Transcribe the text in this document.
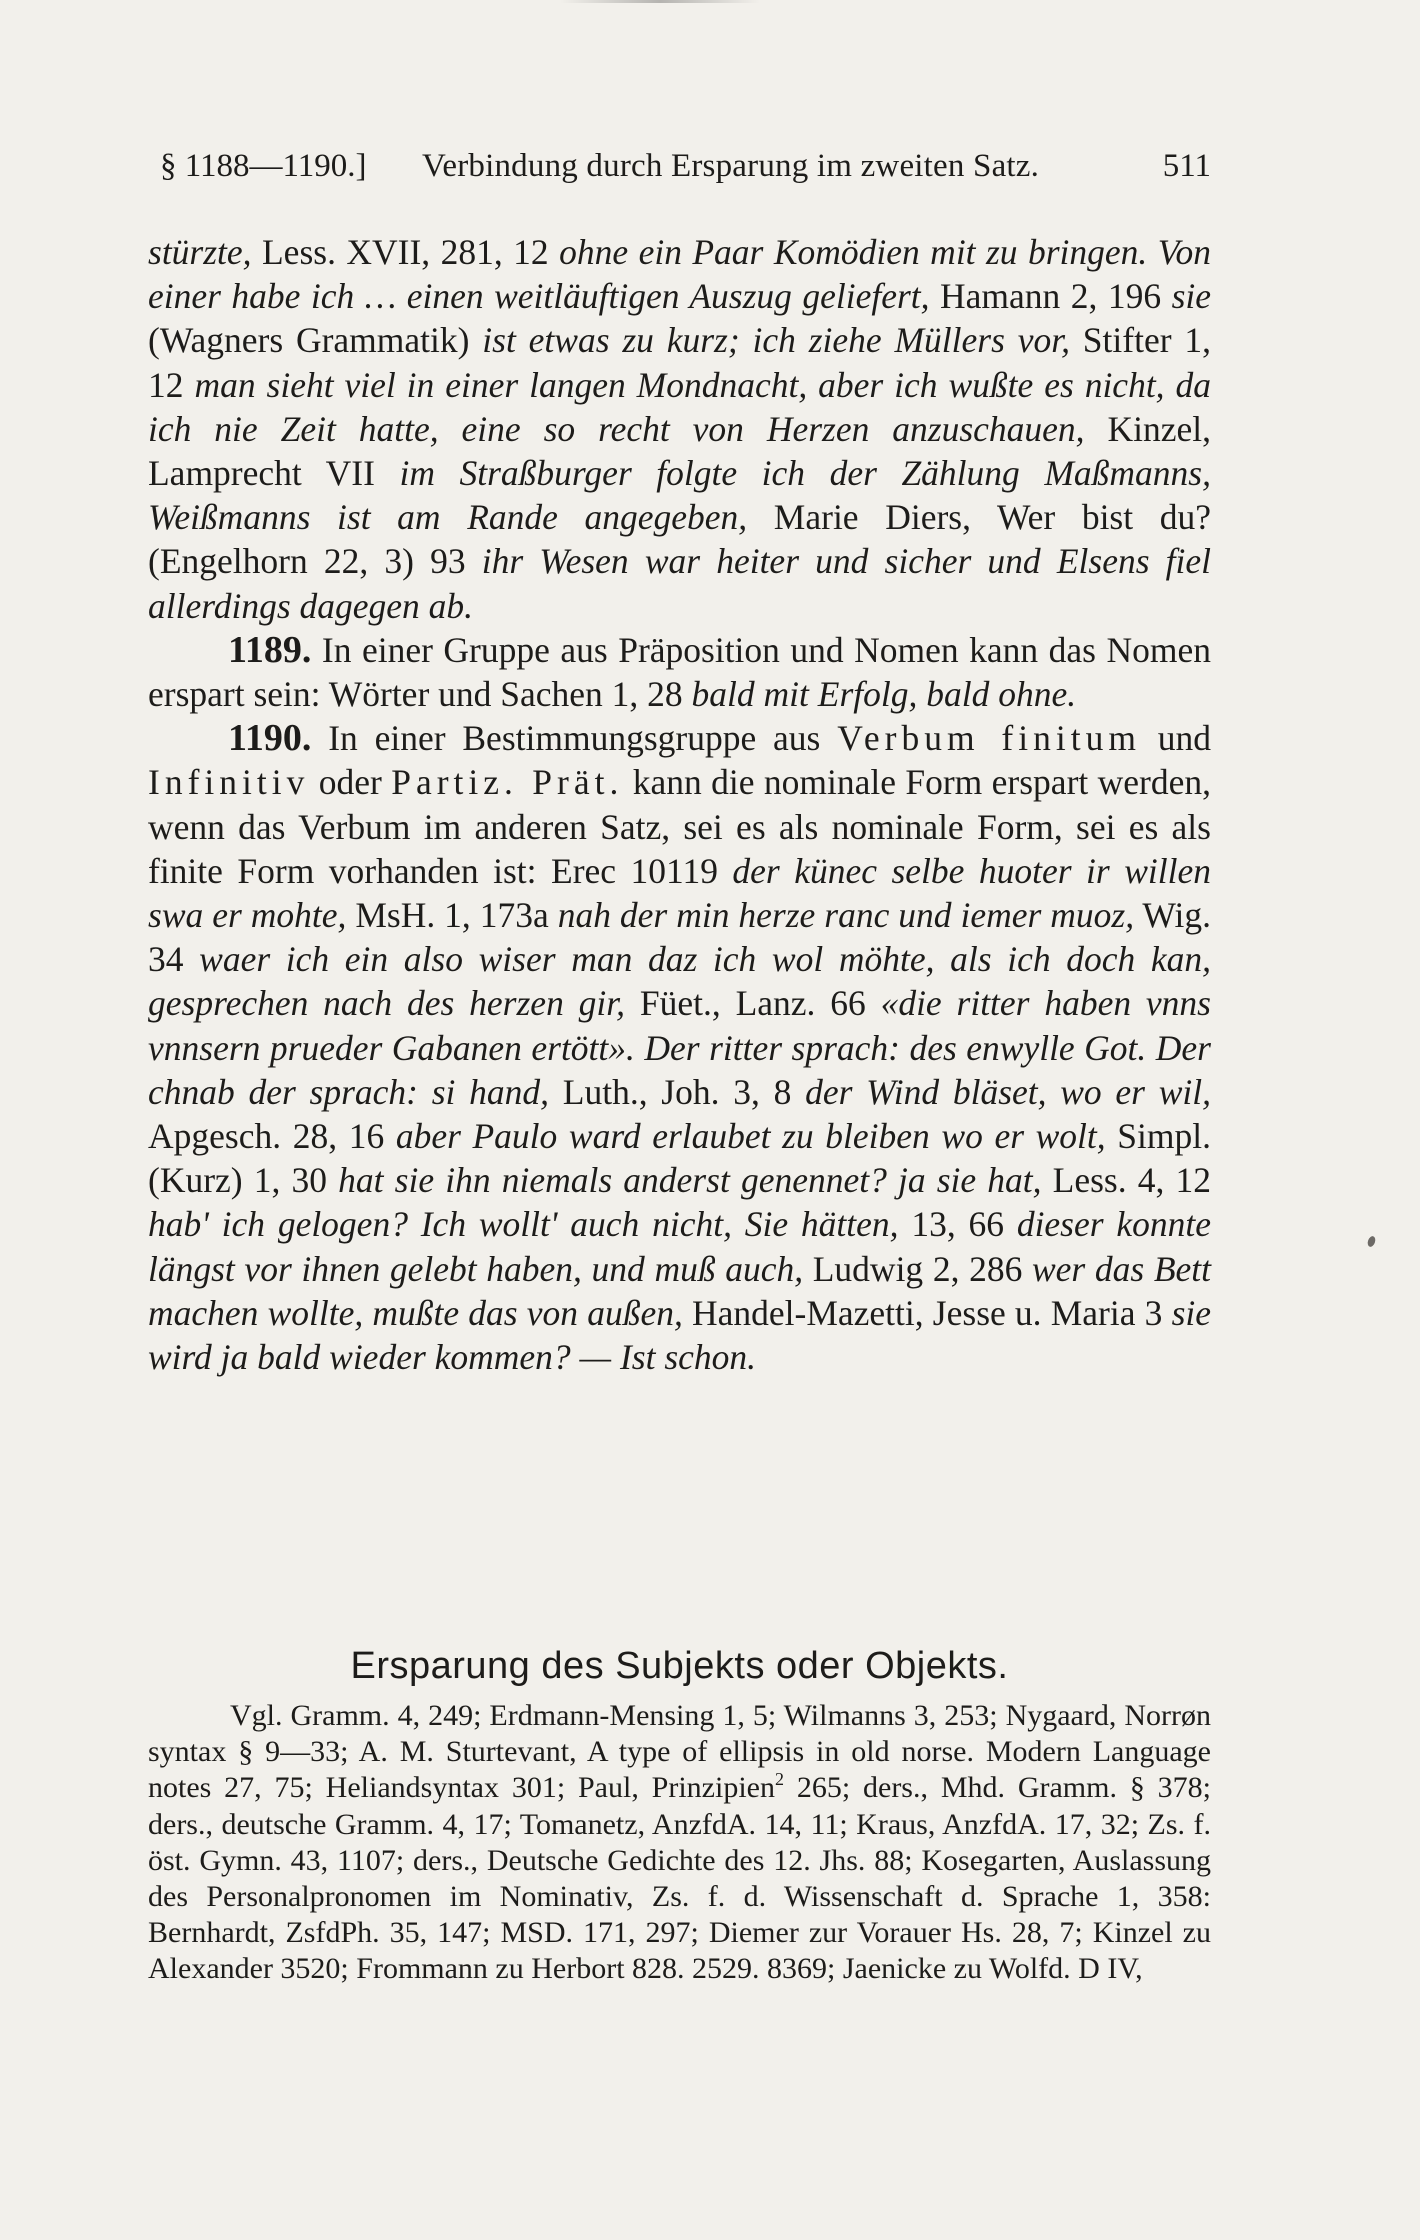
§ 1188—1190.] Verbindung durch Ersparung im zweiten Satz.	511

stürzte, Less. XVII, 281, 12 ohne ein Paar Komödien mit zu bringen. Von einer habe ich … einen weitläuftigen Auszug geliefert, Hamann 2, 196 sie (Wagners Grammatik) ist etwas zu kurz; ich ziehe Müllers vor, Stifter 1, 12 man sieht viel in einer langen Mondnacht, aber ich wußte es nicht, da ich nie Zeit hatte, eine so recht von Herzen anzuschauen, Kinzel, Lamprecht VII im Straßburger folgte ich der Zählung Maßmanns, Weißmanns ist am Rande angegeben, Marie Diers, Wer bist du? (Engelhorn 22, 3) 93 ihr Wesen war heiter und sicher und Elsens fiel allerdings dagegen ab.

1189. In einer Gruppe aus Präposition und Nomen kann das Nomen erspart sein: Wörter und Sachen 1, 28 bald mit Erfolg, bald ohne.

1190. In einer Bestimmungsgruppe aus Verbum finitum und Infinitiv oder Partiz. Prät. kann die nominale Form erspart werden, wenn das Verbum im anderen Satz, sei es als nominale Form, sei es als finite Form vorhanden ist: Erec 10119 der künec selbe huoter ir willen swa er mohte, MsH. 1, 173a nah der min herze ranc und iemer muoz, Wig. 34 waer ich ein also wiser man daz ich wol möhte, als ich doch kan, gesprechen nach des herzen gir, Füet., Lanz. 66 «die ritter haben vnns vnnsern prueder Gabanen ertött». Der ritter sprach: des enwylle Got. Der chnab der sprach: si hand, Luth., Joh. 3, 8 der Wind bläset, wo er wil, Apgesch. 28, 16 aber Paulo ward erlaubet zu bleiben wo er wolt, Simpl. (Kurz) 1, 30 hat sie ihn niemals anderst genennet? ja sie hat, Less. 4, 12 hab' ich gelogen? Ich wollt' auch nicht, Sie hätten, 13, 66 dieser konnte längst vor ihnen gelebt haben, und muß auch, Ludwig 2, 286 wer das Bett machen wollte, mußte das von außen, Handel-Mazetti, Jesse u. Maria 3 sie wird ja bald wieder kommen? — Ist schon.

Ersparung des Subjekts oder Objekts.

Vgl. Gramm. 4, 249; Erdmann-Mensing 1, 5; Wilmanns 3, 253; Nygaard, Norrøn syntax § 9—33; A. M. Sturtevant, A type of ellipsis in old norse. Modern Language notes 27, 75; Heliandsyntax 301; Paul, Prinzipien$^2$ 265; ders., Mhd. Gramm. § 378; ders., deutsche Gramm. 4, 17; Tomanetz, AnzfdA. 14, 11; Kraus, AnzfdA. 17, 32; Zs. f. öst. Gymn. 43, 1107; ders., Deutsche Gedichte des 12. Jhs. 88; Kosegarten, Auslassung des Personalpronomen im Nominativ, Zs. f. d. Wissenschaft d. Sprache 1, 358: Bernhardt, ZsfdPh. 35, 147; MSD. 171, 297; Diemer zur Vorauer Hs. 28, 7; Kinzel zu Alexander 3520; Frommann zu Herbort 828. 2529. 8369; Jaenicke zu Wolfd. D IV,
